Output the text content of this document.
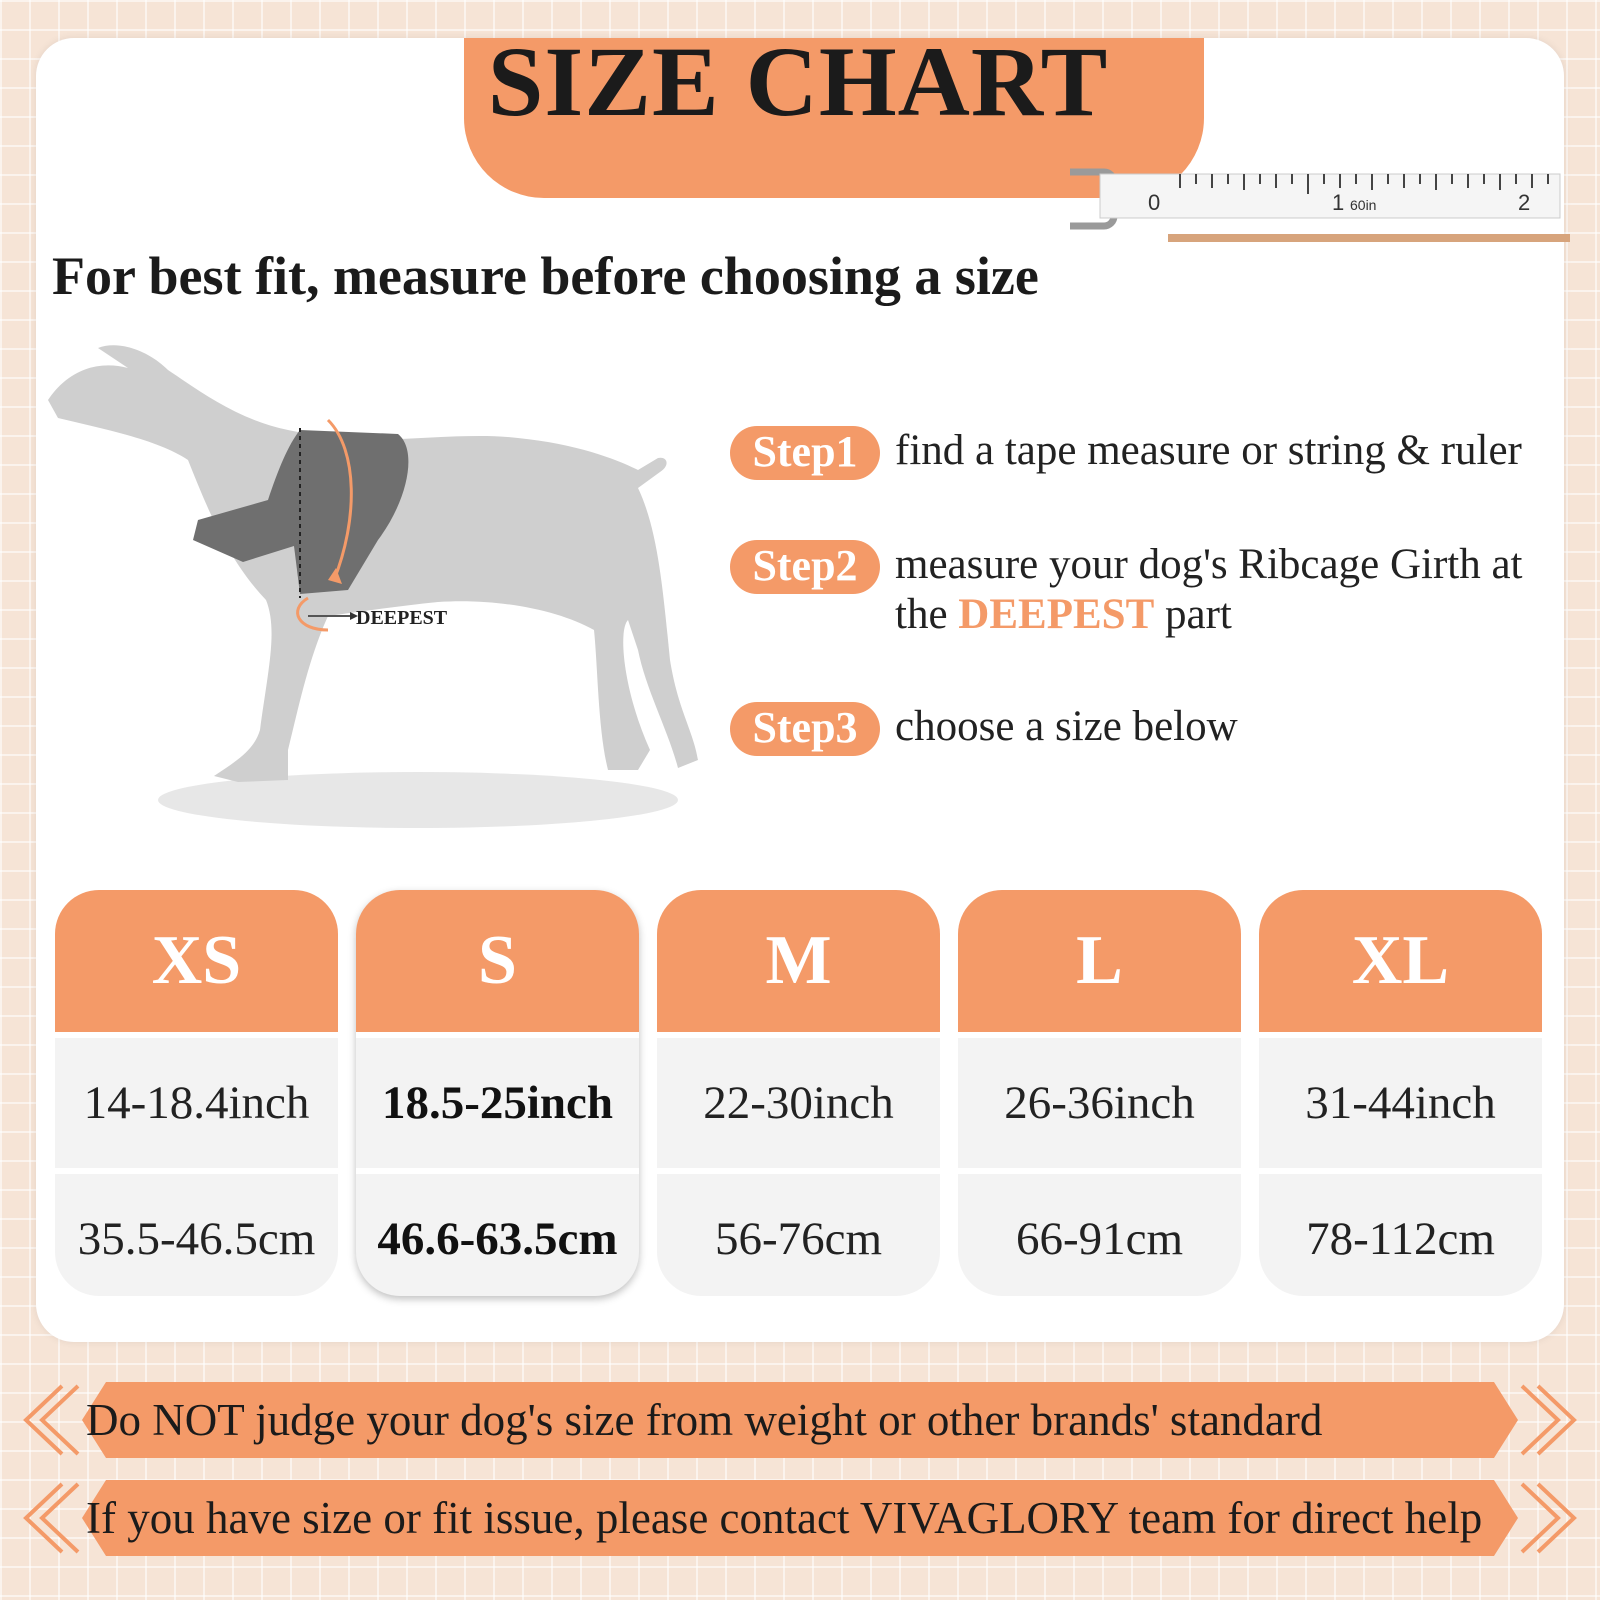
SIZE CHART
0	1 60in	2
For best fit, measure before choosing a size
DEEPEST
Step1 find a tape measure or string & ruler
Step2 measure your dog's Ribcage Girth at the DEEPEST part
Step3 choose a size below
XS
14-18.4inch
35.5-46.5cm
S
18.5-25inch
46.6-63.5cm
M
22-30inch
56-76cm
L
26-36inch
66-91cm
XL
31-44inch
78-112cm
Do NOT judge your dog's size from weight or other brands' standard
If you have size or fit issue, please contact VIVAGLORY team for direct help
